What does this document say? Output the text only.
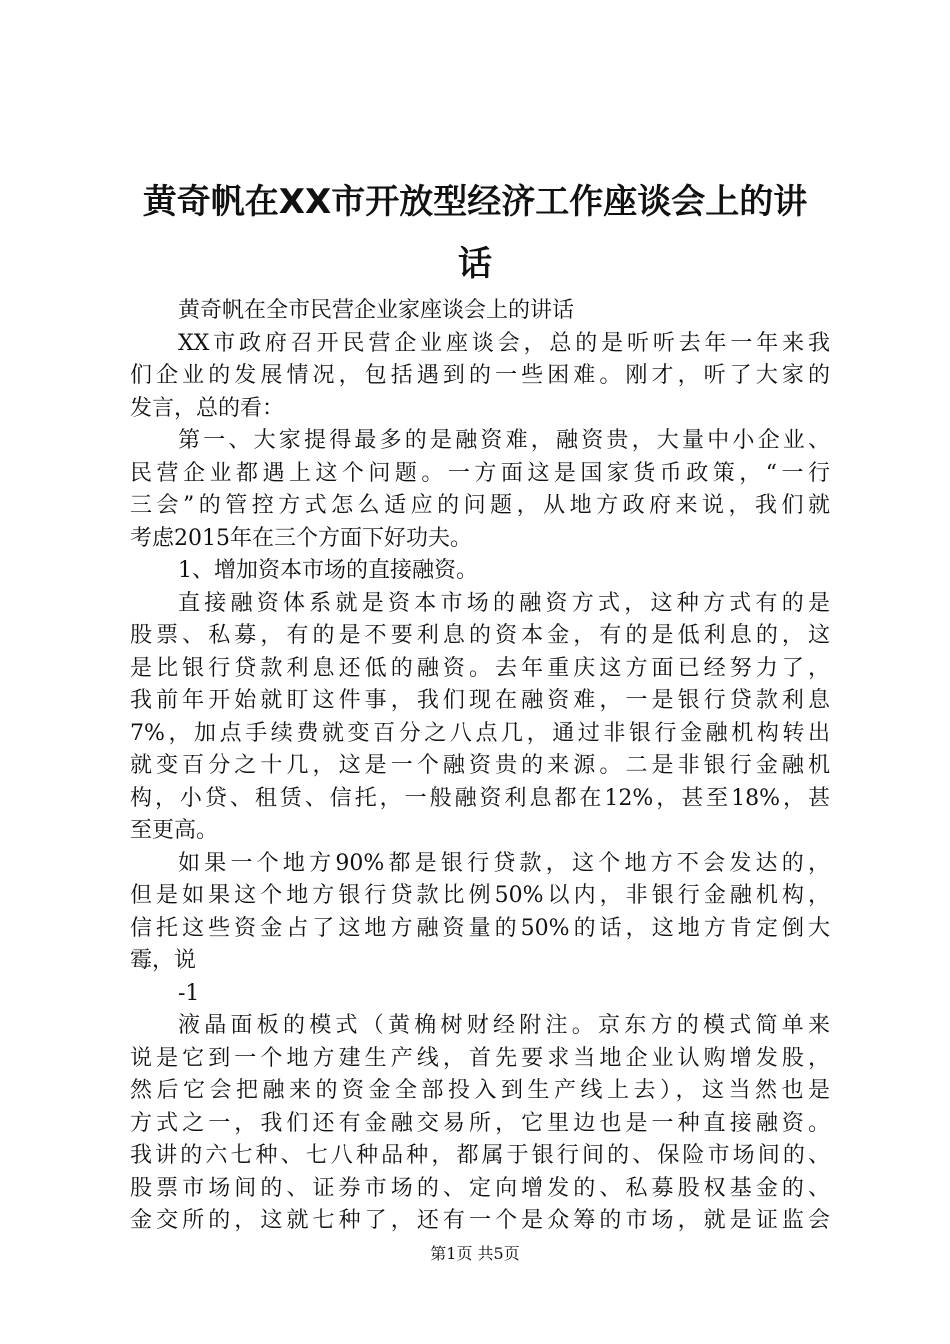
黄奇帆在XX市开放型经济工作座谈会上的讲
话
黄奇帆在全市民营企业家座谈会上的讲话
XX市政府召开民营企业座谈会，总的是听听去年一年来我
们企业的发展情况，包括遇到的一些困难。刚才，听了大家的
发言，总的看：
第一、大家提得最多的是融资难，融资贵，大量中小企业、
民营企业都遇上这个问题。一方面这是国家货币政策，“一行
三会”的管控方式怎么适应的问题，从地方政府来说，我们就
考虑2015年在三个方面下好功夫。
1、增加资本市场的直接融资。
直接融资体系就是资本市场的融资方式，这种方式有的是
股票、私募，有的是不要利息的资本金，有的是低利息的，这
是比银行贷款利息还低的融资。去年重庆这方面已经努力了，
我前年开始就盯这件事，我们现在融资难，一是银行贷款利息
7%，加点手续费就变百分之八点几，通过非银行金融机构转出
就变百分之十几，这是一个融资贵的来源。二是非银行金融机
构，小贷、租赁、信托，一般融资利息都在12%，甚至18%，甚
至更高。
如果一个地方90%都是银行贷款，这个地方不会发达的，
但是如果这个地方银行贷款比例50%以内，非银行金融机构，
信托这些资金占了这地方融资量的50%的话，这地方肯定倒大
霉，说
-1
液晶面板的模式（黄桷树财经附注。京东方的模式简单来
说是它到一个地方建生产线，首先要求当地企业认购增发股，
然后它会把融来的资金全部投入到生产线上去），这当然也是
方式之一，我们还有金融交易所，它里边也是一种直接融资。
我讲的六七种、七八种品种，都属于银行间的、保险市场间的、
股票市场间的、证券市场的、定向增发的、私募股权基金的、
金交所的，这就七种了，还有一个是众筹的市场，就是证监会
第1页 共5页
